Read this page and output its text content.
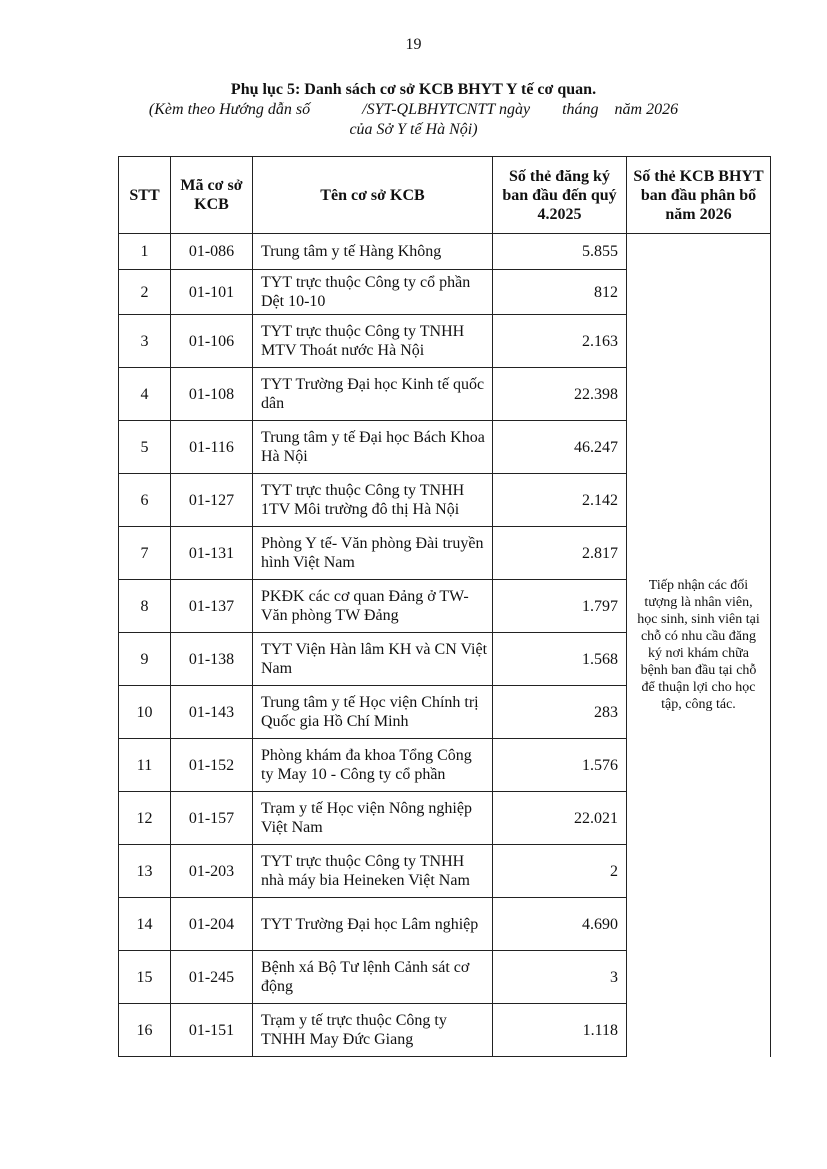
19
Phụ lục 5: Danh sách cơ sở KCB BHYT Y tế cơ quan.
(Kèm theo Hướng dẫn số             /SYT-QLBHYTCNTT ngày        tháng    năm 2026
của Sở Y tế Hà Nội)
STT	Mã cơ sở KCB	Tên cơ sở KCB	Số thẻ đăng ký ban đầu đến quý 4.2025	Số thẻ KCB BHYT ban đầu phân bổ năm 2026
1	01-086	Trung tâm y tế Hàng Không	5.855	Tiếp nhận các đối tượng là nhân viên, học sinh, sinh viên tại chỗ có nhu cầu đăng ký nơi khám chữa bệnh ban đầu tại chỗ để thuận lợi cho học tập, công tác.

2	01-101	TYT trực thuộc Công ty cổ phần Dệt 10-10	812	
3	01-106	TYT trực thuộc Công ty TNHH MTV Thoát nước Hà Nội	2.163	
4	01-108	TYT Trường Đại học Kinh tế quốc dân	22.398	
5	01-116	Trung tâm y tế Đại học Bách Khoa Hà Nội	46.247	
6	01-127	TYT trực thuộc Công ty TNHH 1TV Môi trường đô thị Hà Nội	2.142	
7	01-131	Phòng Y tế- Văn phòng Đài truyền hình Việt Nam	2.817	
8	01-137	PKĐK các cơ quan Đảng ở TW- Văn phòng TW Đảng	1.797	
9	01-138	TYT Viện Hàn lâm KH và CN Việt Nam	1.568	
10	01-143	Trung tâm y tế Học viện Chính trị Quốc gia Hồ Chí Minh	283	
11	01-152	Phòng khám đa khoa Tổng Công ty May 10 - Công ty cổ phần	1.576	
12	01-157	Trạm y tế Học viện Nông nghiệp Việt Nam	22.021	
13	01-203	TYT trực thuộc Công ty TNHH nhà máy bia Heineken Việt Nam	2	
14	01-204	TYT Trường Đại học Lâm nghiệp	4.690	
15	01-245	Bệnh xá Bộ Tư lệnh Cảnh sát cơ động	3	
16	01-151	Trạm y tế trực thuộc Công ty TNHH May Đức Giang	1.118	
